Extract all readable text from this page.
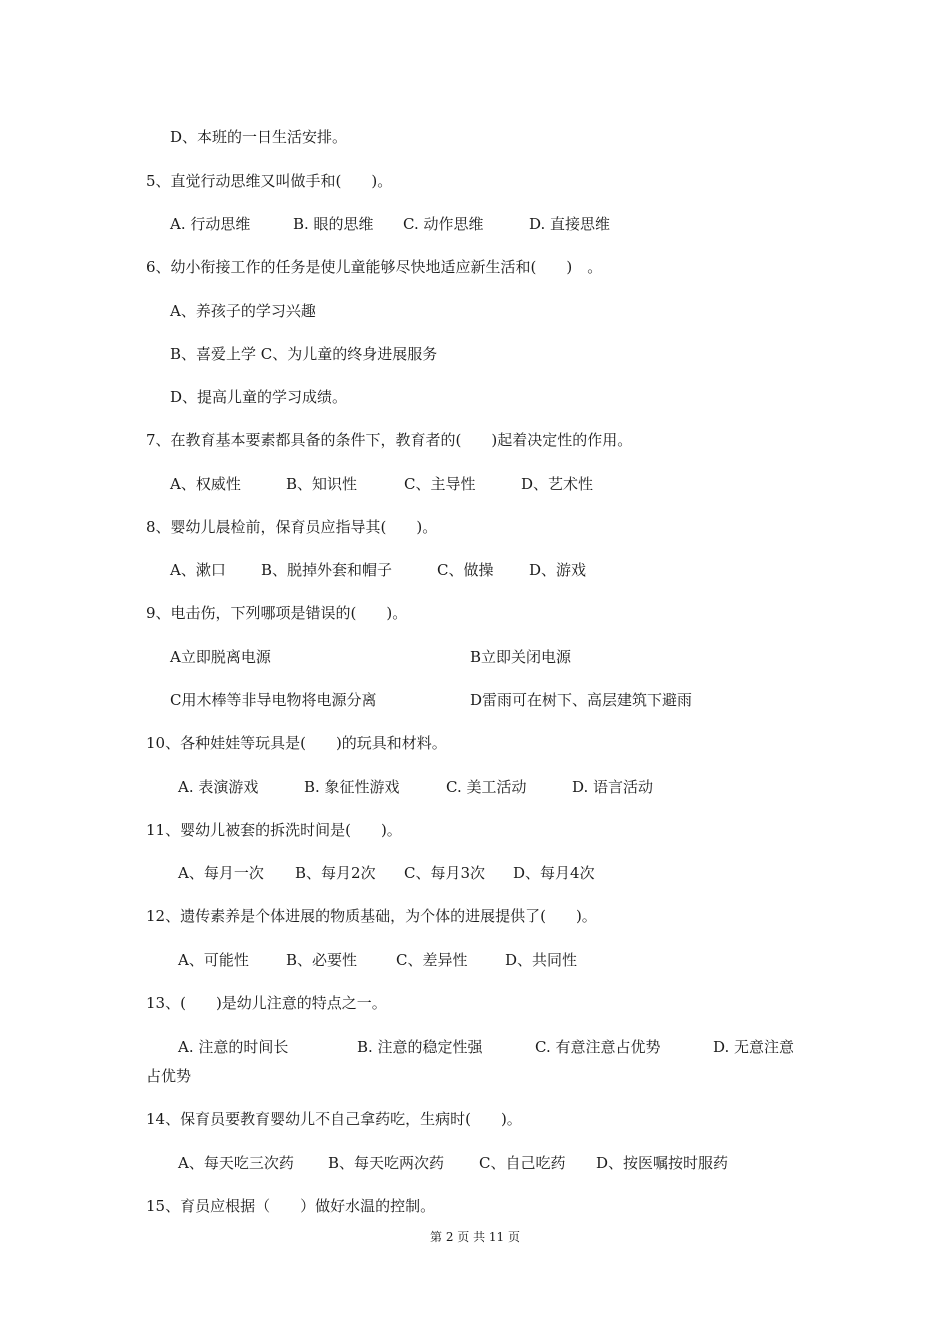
D、本班的一日生活安排。
5、直觉行动思维又叫做手和(　　)。
A. 行动思维	B. 眼的思维 C. 动作思维	D. 直接思维
6、幼小衔接工作的任务是使儿童能够尽快地适应新生活和(　　)　。
A、养孩子的学习兴趣
B、喜爱上学 C、为儿童的终身进展服务
D、提高儿童的学习成绩。
7、在教育基本要素都具备的条件下，教育者的(　　)起着决定性的作用。
A、权威性	B、知识性	C、主导性	D、艺术性
8、婴幼儿晨检前，保育员应指导其(　　)。
A、漱口 B、脱掉外套和帽子	C、做操 D、游戏
9、电击伤，下列哪项是错误的(　　)。
A立即脱离电源	B立即关闭电源
C用木棒等非导电物将电源分离	D雷雨可在树下、高层建筑下避雨
10、各种娃娃等玩具是(　　)的玩具和材料。
A. 表演游戏	B. 象征性游戏	C. 美工活动	D. 语言活动
11、婴幼儿被套的拆洗时间是(　　)。
A、每月一次 B、每月2次 C、每月3次 D、每月4次
12、遗传素养是个体进展的物质基础，为个体的进展提供了(　　)。
A、可能性 B、必要性	C、差异性	D、共同性
13、(　　)是幼儿注意的特点之一。
A. 注意的时间长	B. 注意的稳定性强	C. 有意注意占优势	D. 无意注意
占优势
14、保育员要教育婴幼儿不自己拿药吃，生病时(　　)。
A、每天吃三次药 B、每天吃两次药 C、自己吃药 D、按医嘱按时服药
15、育员应根据（　　）做好水温的控制。
第 2 页 共 11 页
